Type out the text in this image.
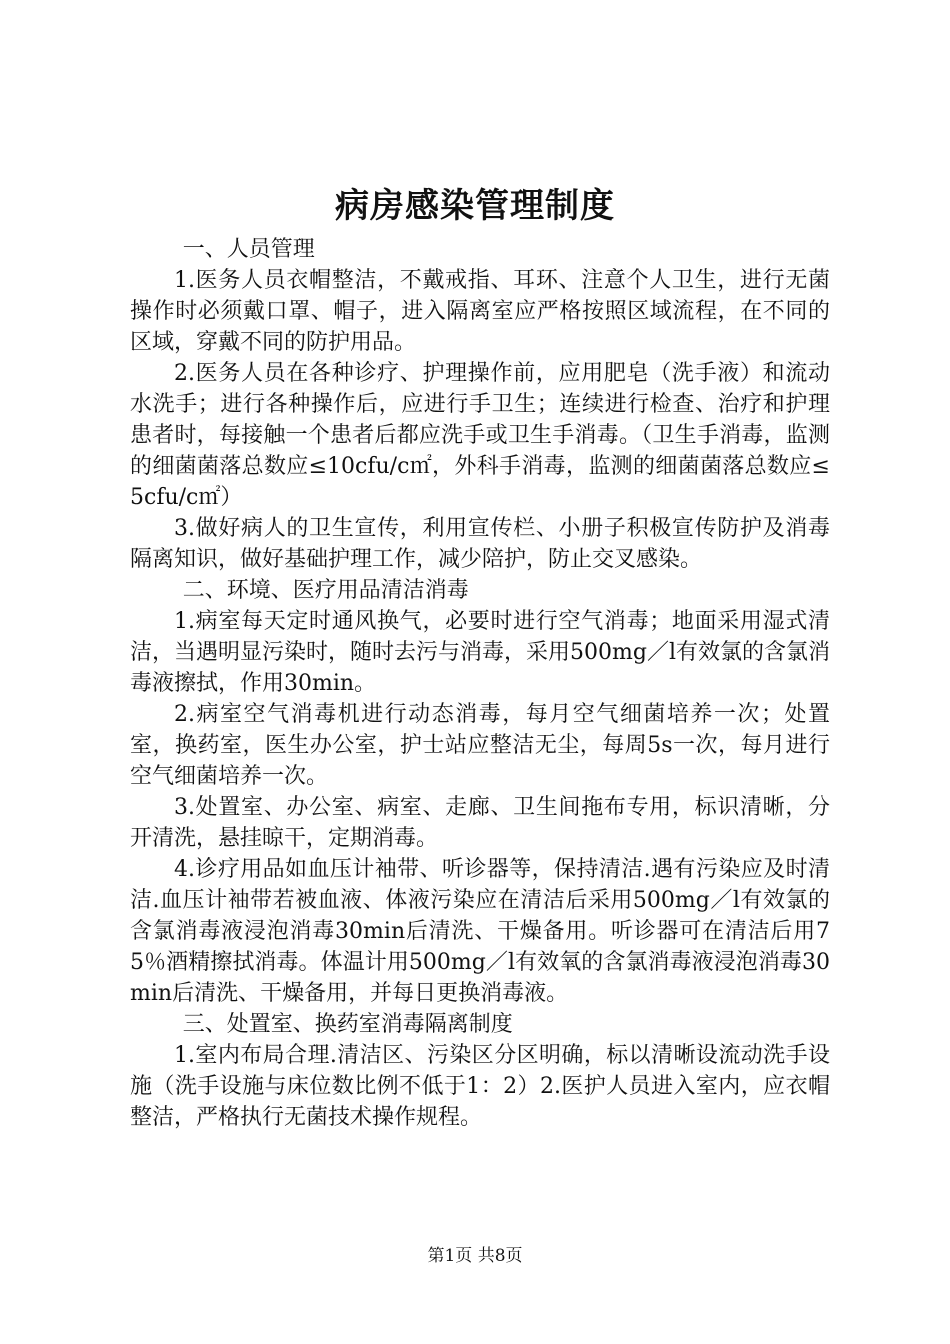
病房感染管理制度

一、人员管理

1.医务人员衣帽整洁，不戴戒指、耳环、注意个人卫生，进行无菌操作时必须戴口罩、帽子，进入隔离室应严格按照区域流程，在不同的区域，穿戴不同的防护用品。

2.医务人员在各种诊疗、护理操作前，应用肥皂（洗手液）和流动水洗手；进行各种操作后，应进行手卫生；连续进行检查、治疗和护理患者时，每接触一个患者后都应洗手或卫生手消毒。（卫生手消毒，监测的细菌菌落总数应≤10cfu/c㎡，外科手消毒，监测的细菌菌落总数应≤5cfu/c㎡）

3.做好病人的卫生宣传，利用宣传栏、小册子积极宣传防护及消毒隔离知识，做好基础护理工作，减少陪护，防止交叉感染。

二、环境、医疗用品清洁消毒

1.病室每天定时通风换气，必要时进行空气消毒；地面采用湿式清洁，当遇明显污染时，随时去污与消毒，采用500mg／l有效氯的含氯消毒液擦拭，作用30min。

2.病室空气消毒机进行动态消毒，每月空气细菌培养一次；处置室，换药室，医生办公室，护士站应整洁无尘，每周5s一次，每月进行空气细菌培养一次。

3.处置室、办公室、病室、走廊、卫生间拖布专用，标识清晰，分开清洗，悬挂晾干，定期消毒。

4.诊疗用品如血压计袖带、听诊器等，保持清洁.遇有污染应及时清洁.血压计袖带若被血液、体液污染应在清洁后采用500mg／l有效氯的含氯消毒液浸泡消毒30min后清洗、干燥备用。听诊器可在清洁后用75％酒精擦拭消毒。体温计用500mg／l有效氧的含氯消毒液浸泡消毒30min后清洗、干燥备用，并每日更换消毒液。

三、处置室、换药室消毒隔离制度

1.室内布局合理.清洁区、污染区分区明确，标以清晰设流动洗手设施（洗手设施与床位数比例不低于1：2）2.医护人员进入室内，应衣帽整洁，严格执行无菌技术操作规程。

第1页 共8页
